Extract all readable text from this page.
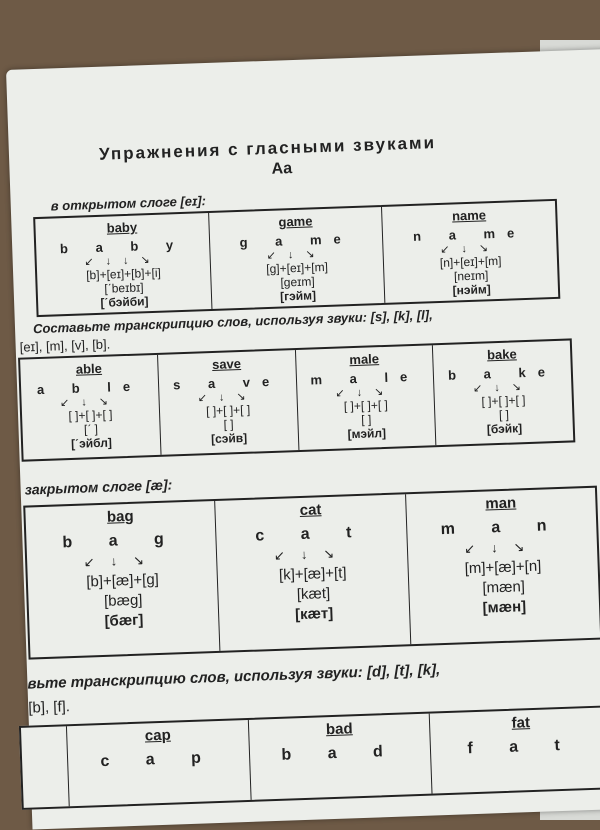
Упражнения с гласными звуками
Aa
в открытом слоге [eɪ]:
baby
b a b y
↙↓↓↘
[b]+[eɪ]+[b]+[i]
[ˊbeɪbɪ]
[ˊбэйби]
game
g a me
↙↓↘
[g]+[eɪ]+[m]
[geɪm]
[гэйм]
name
n a me
↙↓↘
[n]+[eɪ]+[m]
[neɪm]
[нэйм]
Составьте транскрипцию слов, используя звуки: [s], [k], [l],
[eɪ], [m], [v], [b].
able
a b le
↙↓↘
[ ]+[ ]+[ ]
[ˊ ]
[ˊэйбл]
save
s a ve
↙↓↘
[ ]+[ ]+[ ]
[ ]
[сэйв]
male
m a le
↙↓↘
[ ]+[ ]+[ ]
[ ]
[мэйл]
bake
b a ke
↙↓↘
[ ]+[ ]+[ ]
[ ]
[бэйк]
закрытом слоге [æ]:
bag
b a g
↙↓↘
[b]+[æ]+[g]
[bæg]
[бӕг]
cat
c a t
↙↓↘
[k]+[æ]+[t]
[kæt]
[кӕт]
man
m a n
↙↓↘
[m]+[æ]+[n]
[mæn]
[мӕн]
вьте транскрипцию слов, используя звуки: [d], [t], [k],
[b], [f].
cap
c a p
bad
b a d
fat
f a t
